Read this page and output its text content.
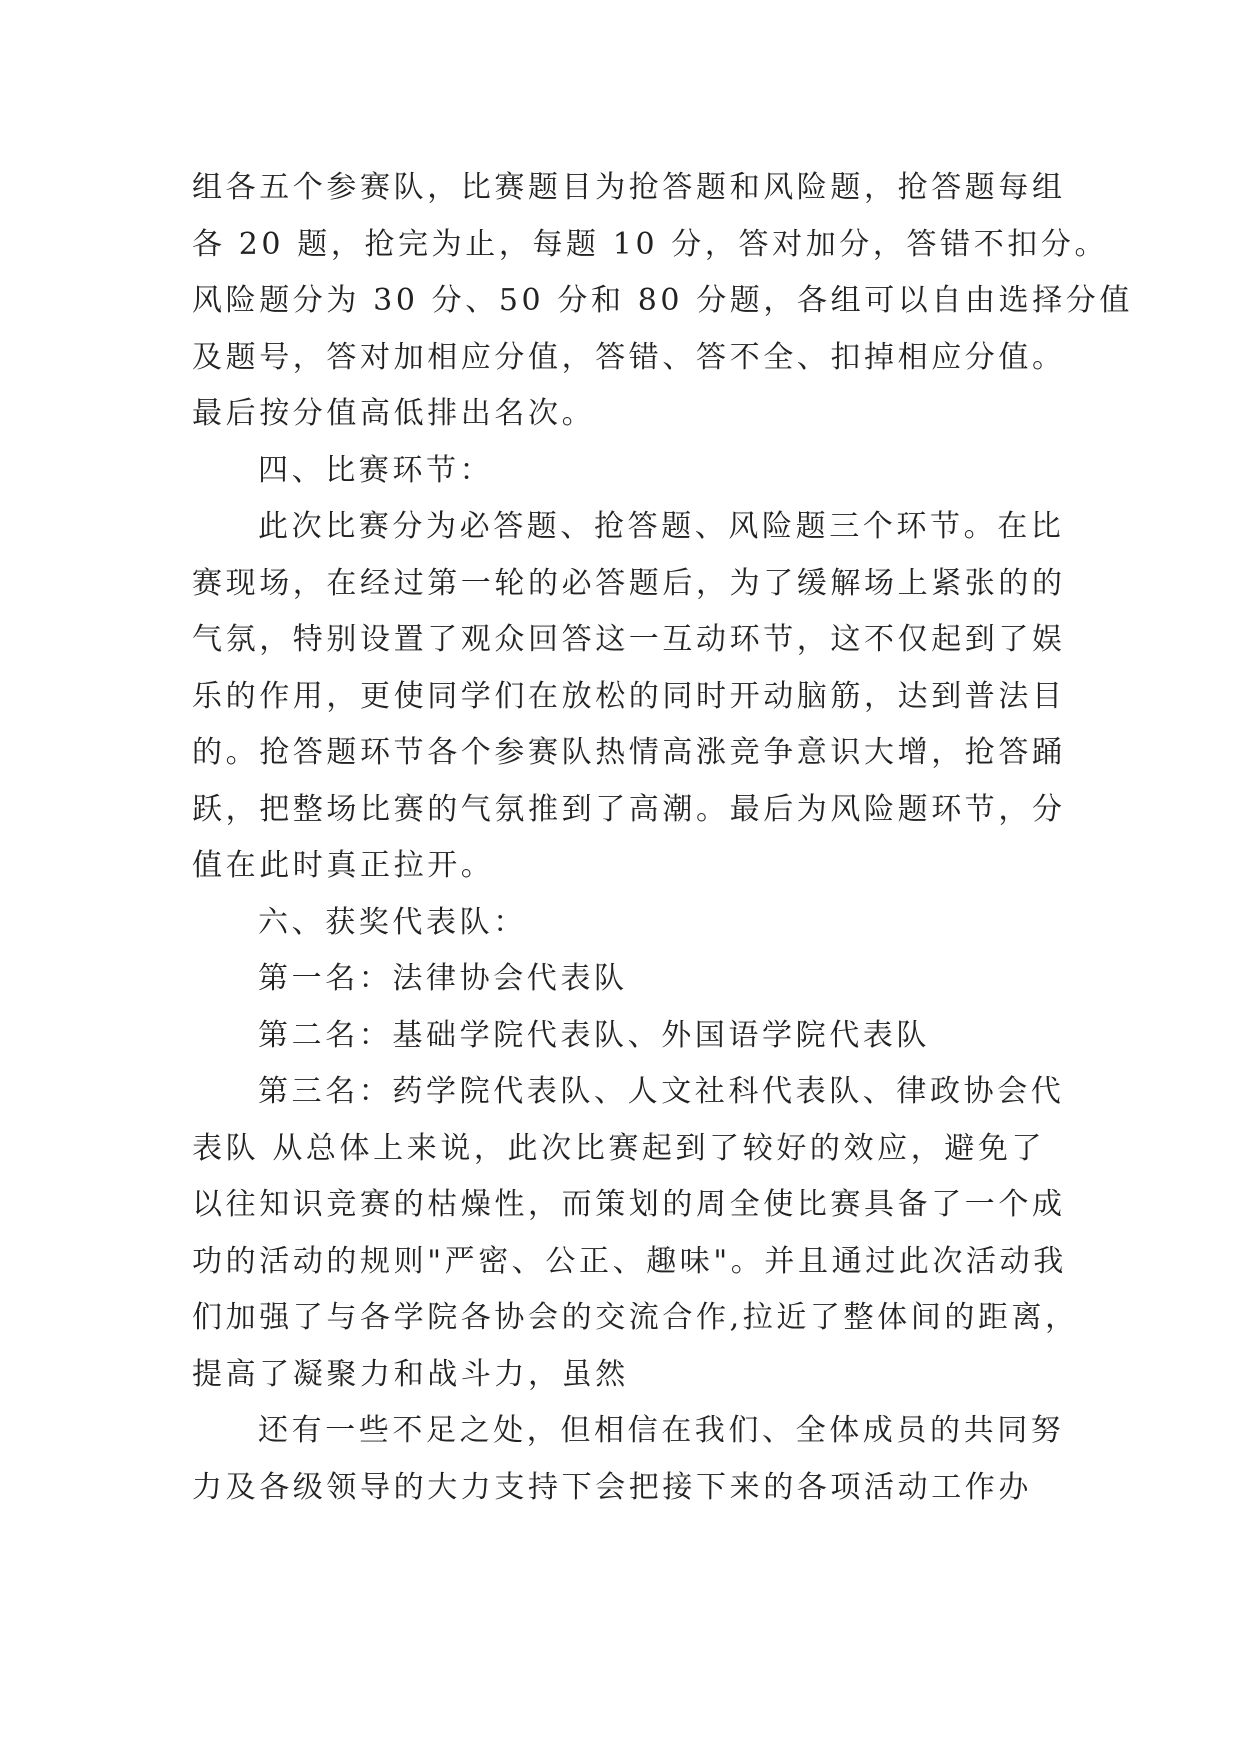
组各五个参赛队，比赛题目为抢答题和风险题，抢答题每组
各 20 题，抢完为止，每题 10 分，答对加分，答错不扣分。
风险题分为 30 分、50 分和 80 分题，各组可以自由选择分值
及题号，答对加相应分值，答错、答不全、扣掉相应分值。
最后按分值高低排出名次。
四、比赛环节：
此次比赛分为必答题、抢答题、风险题三个环节。在比
赛现场，在经过第一轮的必答题后，为了缓解场上紧张的的
气氛，特别设置了观众回答这一互动环节，这不仅起到了娱
乐的作用，更使同学们在放松的同时开动脑筋，达到普法目
的。抢答题环节各个参赛队热情高涨竞争意识大增，抢答踊
跃，把整场比赛的气氛推到了高潮。最后为风险题环节，分
值在此时真正拉开。
六、获奖代表队：
第一名：法律协会代表队
第二名：基础学院代表队、外国语学院代表队
第三名：药学院代表队、人文社科代表队、律政协会代
表队 从总体上来说，此次比赛起到了较好的效应，避免了
以往知识竞赛的枯燥性，而策划的周全使比赛具备了一个成
功的活动的规则"严密、公正、趣味"。并且通过此次活动我
们加强了与各学院各协会的交流合作,拉近了整体间的距离，
提高了凝聚力和战斗力，虽然
还有一些不足之处，但相信在我们、全体成员的共同努
力及各级领导的大力支持下会把接下来的各项活动工作办
